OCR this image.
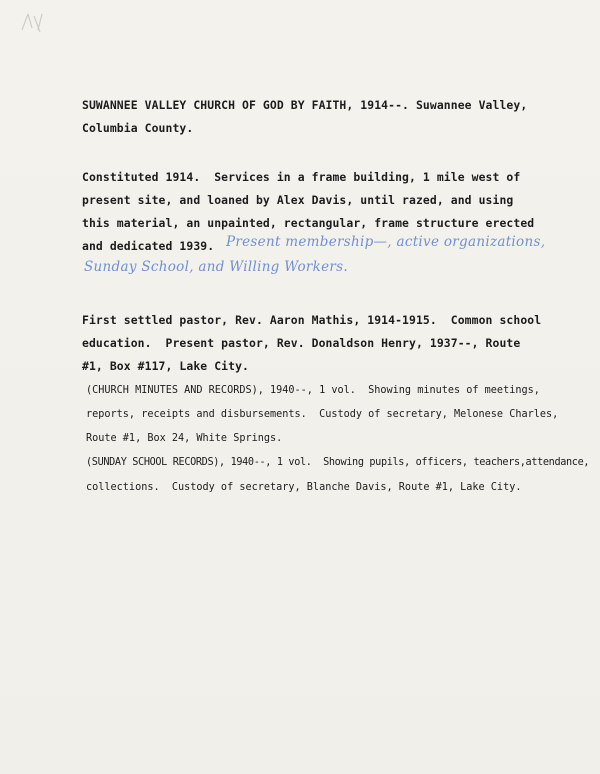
SUWANNEE VALLEY CHURCH OF GOD BY FAITH, 1914--. Suwannee Valley,
Columbia County.
Constituted 1914.  Services in a frame building, 1 mile west of
present site, and loaned by Alex Davis, until razed, and using
this material, an unpainted, rectangular, frame structure erected
and dedicated 1939. Present membership—, active organizations,
Sunday School, and Willing Workers.
First settled pastor, Rev. Aaron Mathis, 1914-1915.  Common school
education.  Present pastor, Rev. Donaldson Henry, 1937--, Route
#1, Box #117, Lake City.
(CHURCH MINUTES AND RECORDS), 1940--, 1 vol.  Showing minutes of meetings,
reports, receipts and disbursements.  Custody of secretary, Melonese Charles,
Route #1, Box 24, White Springs.
(SUNDAY SCHOOL RECORDS), 1940--, 1 vol.  Showing pupils, officers, teachers,attendance,
collections.  Custody of secretary, Blanche Davis, Route #1, Lake City.
